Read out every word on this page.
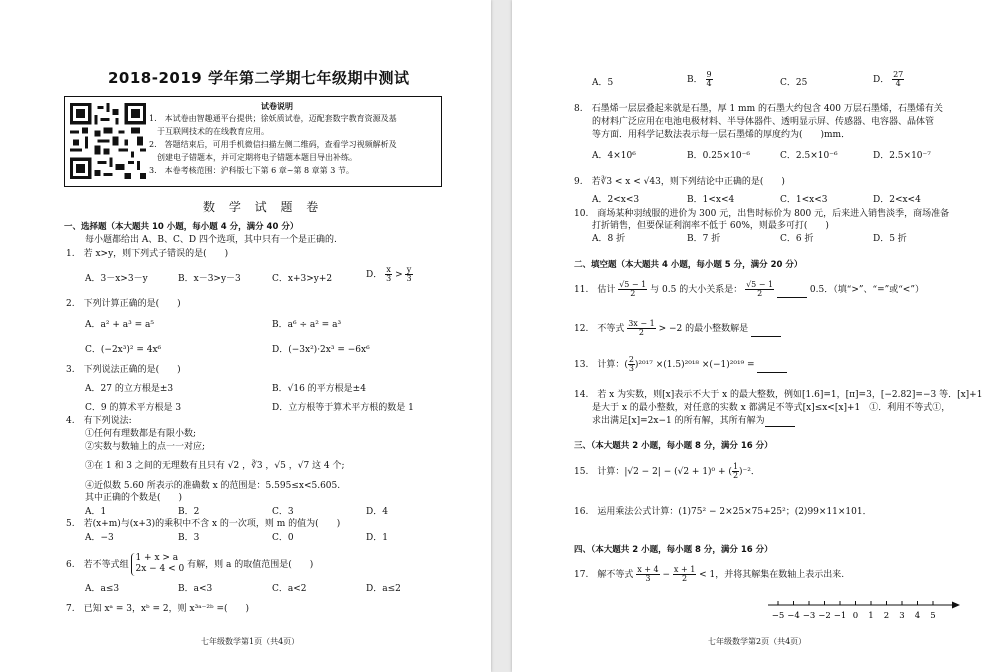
2018-2019 学年第二学期七年级期中测试
试卷说明
1.　本试卷由智趣通平台提供；徐妖质试卷，迈配套数字教育资源及基
　于互联网技术的在线教育应用。
2.　答题结束后，可用手机微信扫描左侧二维码，查看学习视频解析及
　创建电子错题本，并可定期将电子错题本题目导出补练。
3.　本卷考核范围：沪科版七下第 6 章~第 8 章第 3 节。
数 学 试 题 卷
一、选择题（本大题共 10 小题，每小题 4 分，满分 40 分）
每小题都给出 A、B、C、D 四个选项，其中只有一个是正确的.
1.　若 x>y，则下列式子错误的是(　　)
A．3－x>3－y	B．x－3>y－3	C．x+3>y+2	D． $\frac{x}{3} > \frac{y}{3}$
2.　下列计算正确的是(　　)
A．a² + a³ = a⁵	B．a⁶ ÷ a² = a³
C．(−2x³)² = 4x⁶	D．(−3x²)·2x³ = −6x⁶
3.　下列说法正确的是(　　)
A．27 的立方根是±3	B．√16 的平方根是±4
C．9 的算术平方根是 3	D．立方根等于算术平方根的数是 1
4.　有下列说法:
①任何有理数都是有限小数;
②实数与数轴上的点一一对应;
③在 1 和 3 之间的无理数有且只有 √2 ，∛3 ，√5 ，√7 这 4 个;
④近似数 5.60 所表示的准确数 x 的范围是：5.595≤x<5.605.
其中正确的个数是(　　)
A．1	B．2	C．3	D．4
5.　若(x+m)与(x+3)的乘积中不含 x 的一次项，则 m 的值为(　　)
A．−3	B．3	C．0	D．1
6.　若不等式组
1 + x > a
2x − 4 < 0 有解，则 a 的取值范围是(　　)
A．a≤3	B．a<3	C．a<2	D．a≤2
7.　已知 xᵃ = 3，xᵇ = 2，则 x³ᵃ⁻²ᵇ =(　　)
七年级数学第1页（共4页）
A．5	B． $\frac{9}{4}$	C．25	D． $\frac{27}{4}$
8.　石墨烯一层层叠起来就是石墨，厚 1 mm 的石墨大约包含 400 万层石墨烯，石墨烯有关
　　的材料广泛应用在电池电极材料、半导体器件、透明显示屏、传感器、电容器、晶体管
　　等方面．用科学记数法表示每一层石墨烯的厚度约为(　　)mm．
A．4×10⁶	B．0.25×10⁻⁶	C．2.5×10⁻⁶	D．2.5×10⁻⁷
9.　若∛3 < x < √43，则下列结论中正确的是(　　)
A．2<x<3	B．1<x<4	C．1<x<3	D．2<x<4
10.　商场某种羽绒服的进价为 300 元，出售时标价为 800 元，后来进入销售淡季，商场准备
　　打折销售，但要保证利润率不低于 60%，则最多可打(　　)
A．8 折	B．7 折	C．6 折	D．5 折
二、填空题（本大题共 4 小题，每小题 5 分，满分 20 分）
11.　估计 $\frac{√5 - 1}{2}$ 与 0.5 的大小关系是： $\frac{√5 - 1}{2}$	0.5．（填“>”、“=”或“<”）
12.　不等式 $\frac{3x - 1}{2} > -2$ 的最小整数解是
13.　计算：( $\frac{2}{3} )^{2017} \times(1.5)^{2018} \times(-1)^{2019}$ =
14.　若 x 为实数，则[x]表示不大于 x 的最大整数，例如[1.6]=1，[π]=3，[−2.82]=−3 等．[x]+1
　　是大于 x 的最小整数，对任意的实数 x 都满足不等式[x]≤x<[x]+1　①．利用不等式①，
　　求出满足[x]=2x−1 的所有解，其所有解为
三、（本大题共 2 小题，每小题 8 分，满分 16 分）
15.　计算：|√2 − 2| − (√2 + 1)⁰ + ( $\frac{1}{2} )^{-2}$．
16.　运用乘法公式计算：(1)75² − 2×25×75+25²；(2)99×11×101．
四、（本大题共 2 小题，每小题 8 分，满分 16 分）
17.　解不等式 $\frac{x + 4}{3} - \frac{x + 1}{2} < 1$，并将其解集在数轴上表示出来.
−5 −4 −3 −2 −1 0 1 2 3 4 5
七年级数学第2页（共4页）
